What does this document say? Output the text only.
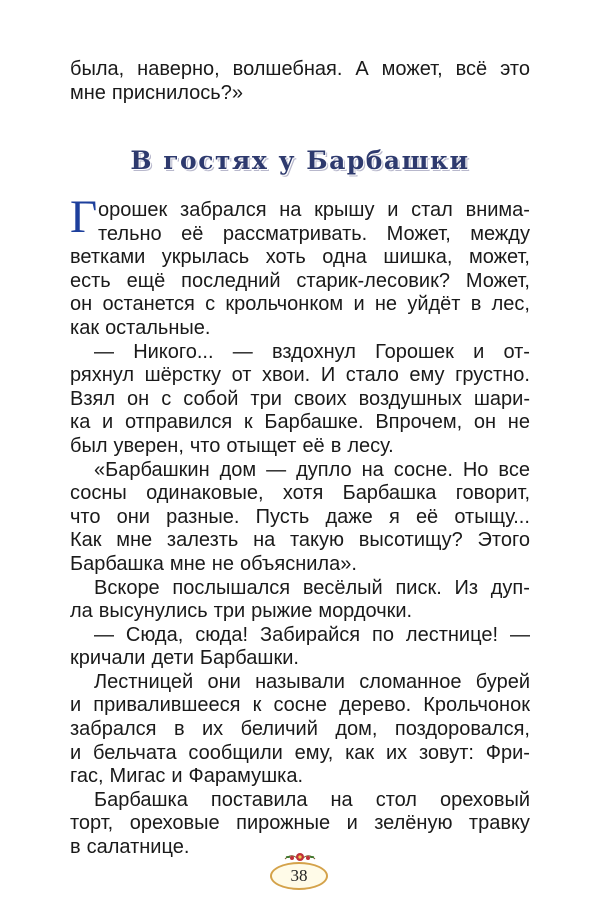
была, наверно, волшебная. А может, всё это
мне приснилось?»
В гостях у Барбашки
Г орошек забрался на крышу и стал внима-
тельно её рассматривать. Может, между
ветками укрылась хоть одна шишка, может,
есть ещё последний старик-лесовик? Может,
он останется с крольчонком и не уйдёт в лес,
как остальные.
— Никого... — вздохнул Горошек и от-
ряхнул шёрстку от хвои. И стало ему грустно.
Взял он с собой три своих воздушных шари-
ка и отправился к Барбашке. Впрочем, он не
был уверен, что отыщет её в лесу.
«Барбашкин дом — дупло на сосне. Но все
сосны одинаковые, хотя Барбашка говорит,
что они разные. Пусть даже я её отыщу...
Как мне залезть на такую высотищу? Этого
Барбашка мне не объяснила».
Вскоре послышался весёлый писк. Из дуп-
ла высунулись три рыжие мордочки.
— Сюда, сюда! Забирайся по лестнице! —
кричали дети Барбашки.
Лестницей они называли сломанное бурей
и привалившееся к сосне дерево. Крольчонок
забрался в их беличий дом, поздоровался,
и бельчата сообщили ему, как их зовут: Фри-
гас, Мигас и Фарамушка.
Барбашка поставила на стол ореховый
торт, ореховые пирожные и зелёную травку
в салатнице.
38
